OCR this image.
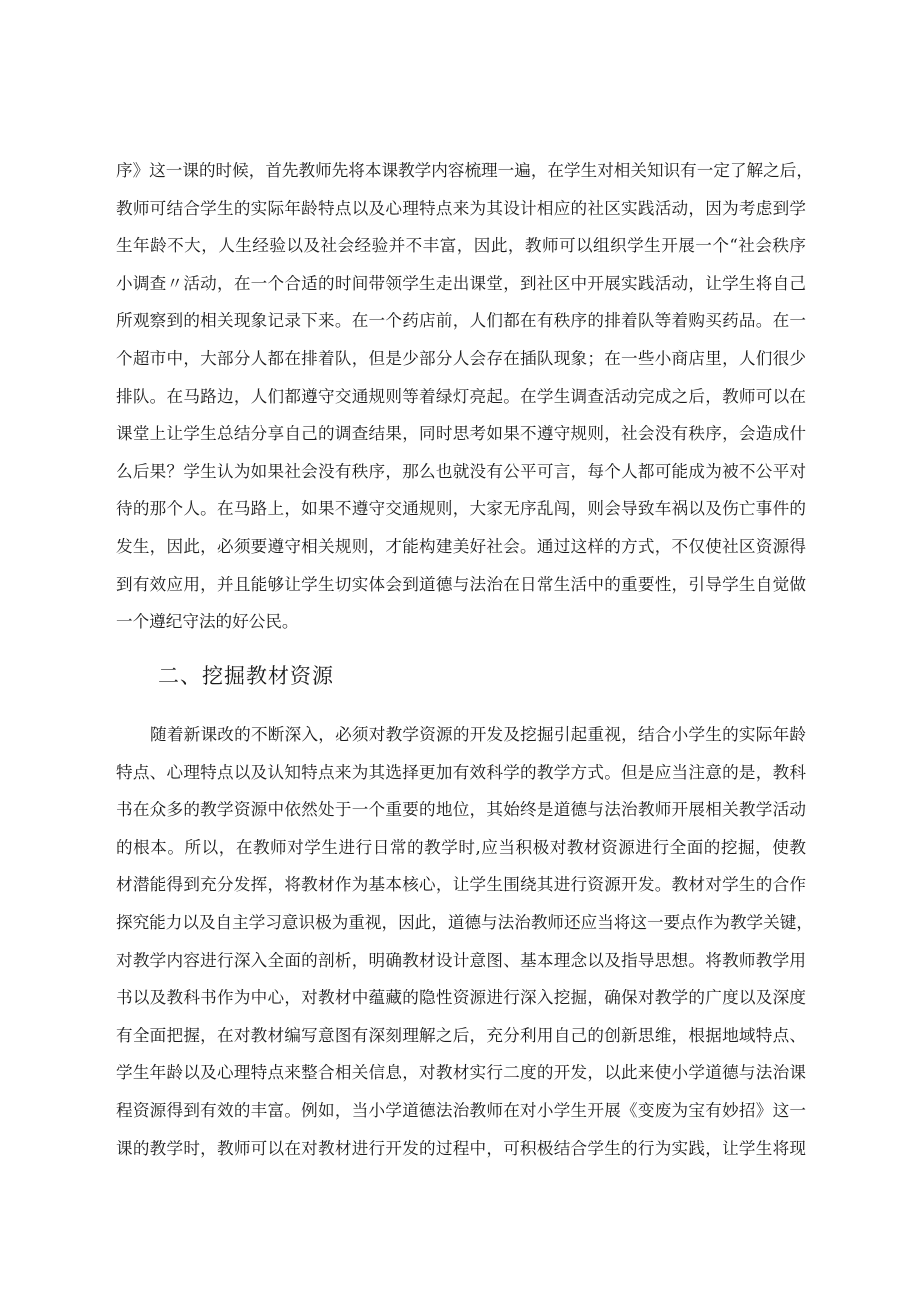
序》这一课的时候，首先教师先将本课教学内容梳理一遍，在学生对相关知识有一定了解之后，
教师可结合学生的实际年龄特点以及心理特点来为其设计相应的社区实践活动，因为考虑到学
生年龄不大，人生经验以及社会经验并不丰富，因此，教师可以组织学生开展一个“社会秩序
小调查〃活动，在一个合适的时间带领学生走出课堂，到社区中开展实践活动，让学生将自己
所观察到的相关现象记录下来。在一个药店前，人们都在有秩序的排着队等着购买药品。在一
个超市中，大部分人都在排着队，但是少部分人会存在插队现象；在一些小商店里，人们很少
排队。在马路边，人们都遵守交通规则等着绿灯亮起。在学生调查活动完成之后，教师可以在
课堂上让学生总结分享自己的调查结果，同时思考如果不遵守规则，社会没有秩序，会造成什
么后果？学生认为如果社会没有秩序，那么也就没有公平可言，每个人都可能成为被不公平对
待的那个人。在马路上，如果不遵守交通规则，大家无序乱闯，则会导致车祸以及伤亡事件的
发生，因此，必须要遵守相关规则，才能构建美好社会。通过这样的方式，不仅使社区资源得
到有效应用，并且能够让学生切实体会到道德与法治在日常生活中的重要性，引导学生自觉做
一个遵纪守法的好公民。
二、挖掘教材资源
随着新课改的不断深入，必须对教学资源的开发及挖掘引起重视，结合小学生的实际年龄
特点、心理特点以及认知特点来为其选择更加有效科学的教学方式。但是应当注意的是，教科
书在众多的教学资源中依然处于一个重要的地位，其始终是道德与法治教师开展相关教学活动
的根本。所以，在教师对学生进行日常的教学时,应当积极对教材资源进行全面的挖掘，使教
材潜能得到充分发挥，将教材作为基本核心，让学生围绕其进行资源开发。教材对学生的合作
探究能力以及自主学习意识极为重视，因此，道德与法治教师还应当将这一要点作为教学关键，
对教学内容进行深入全面的剖析，明确教材设计意图、基本理念以及指导思想。将教师教学用
书以及教科书作为中心，对教材中蕴藏的隐性资源进行深入挖掘，确保对教学的广度以及深度
有全面把握，在对教材编写意图有深刻理解之后，充分利用自己的创新思维，根据地域特点、
学生年龄以及心理特点来整合相关信息，对教材实行二度的开发，以此来使小学道德与法治课
程资源得到有效的丰富。例如，当小学道德法治教师在对小学生开展《变废为宝有妙招》这一
课的教学时，教师可以在对教材进行开发的过程中，可积极结合学生的行为实践，让学生将现
